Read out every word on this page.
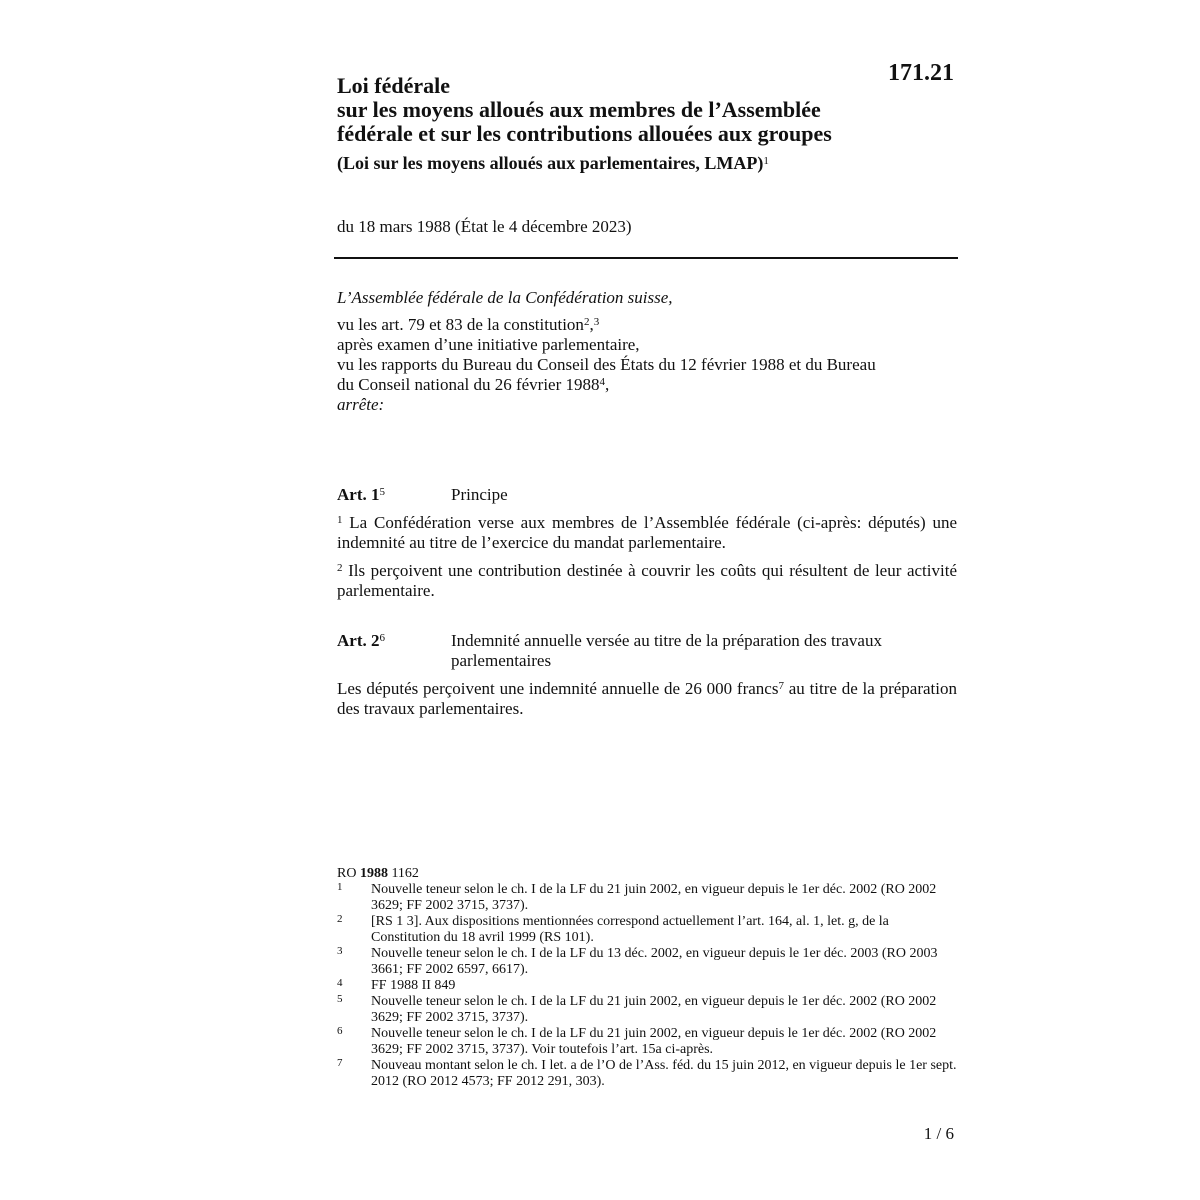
171.21
Loi fédérale
sur les moyens alloués aux membres de l’Assemblée
fédérale et sur les contributions allouées aux groupes
(Loi sur les moyens alloués aux parlementaires, LMAP)$^1$
du 18 mars 1988 (État le 4 décembre 2023)

L’Assemblée fédérale de la Confédération suisse,

vu les art. 79 et 83 de la constitution$^2$,$^3$

après examen d’une initiative parlementaire,

vu les rapports du Bureau du Conseil des États du 12 février 1988 et du Bureau

du Conseil national du 26 février 1988$^4$,

arrête:

Art. $1^5$	Principe

$^1$ La Confédération verse aux membres de l’Assemblée fédérale (ci-après: députés) une indemnité au titre de l’exercice du mandat parlementaire.

$^2$ Ils perçoivent une contribution destinée à couvrir les coûts qui résultent de leur activité parlementaire.

Art. $2^6$	Indemnité annuelle versée au titre de la préparation des travaux parlementaires

Les députés perçoivent une indemnité annuelle de 26 000 francs$^7$ au titre de la préparation des travaux parlementaires.

RO 1988 1162
1 Nouvelle teneur selon le ch. I de la LF du 21 juin 2002, en vigueur depuis le 1er déc. 2002 (RO 2002 3629; FF 2002 3715, 3737).
2 [RS 1 3]. Aux dispositions mentionnées correspond actuellement l’art. 164, al. 1, let. g, de la Constitution du 18 avril 1999 (RS 101).
3 Nouvelle teneur selon le ch. I de la LF du 13 déc. 2002, en vigueur depuis le 1er déc. 2003 (RO 2003 3661; FF 2002 6597, 6617).
4 FF 1988 II 849
5 Nouvelle teneur selon le ch. I de la LF du 21 juin 2002, en vigueur depuis le 1er déc. 2002 (RO 2002 3629; FF 2002 3715, 3737).
6 Nouvelle teneur selon le ch. I de la LF du 21 juin 2002, en vigueur depuis le 1er déc. 2002 (RO 2002 3629; FF 2002 3715, 3737). Voir toutefois l’art. 15a ci-après.
7 Nouveau montant selon le ch. I let. a de l’O de l’Ass. féd. du 15 juin 2012, en vigueur depuis le 1er sept. 2012 (RO 2012 4573; FF 2012 291, 303).
1 / 6
